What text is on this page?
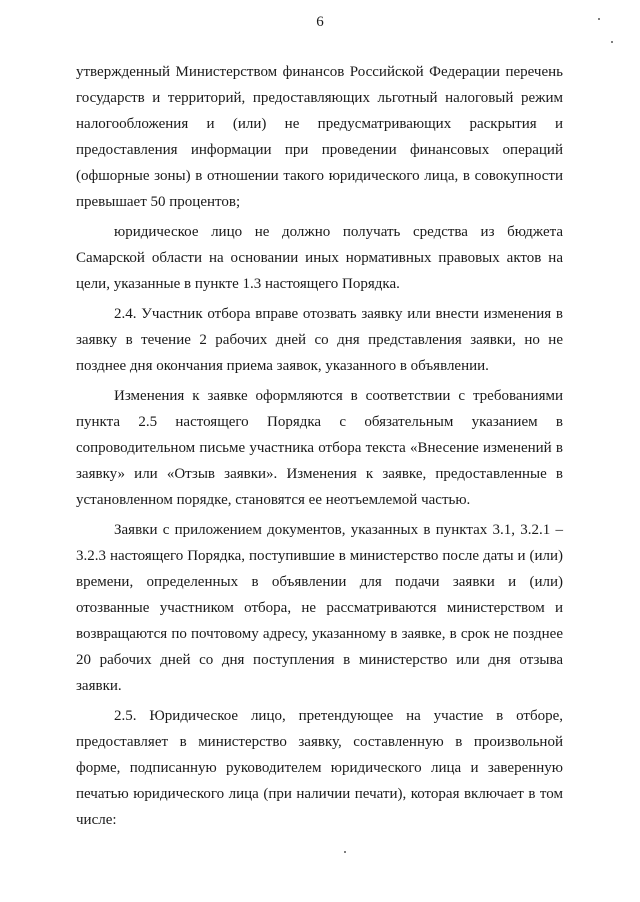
6

утвержденный Министерством финансов Российской Федерации перечень государств и территорий, предоставляющих льготный налоговый режим налогообложения и (или) не предусматривающих раскрытия и предоставления информации при проведении финансовых операций (офшорные зоны) в отношении такого юридического лица, в совокупности превышает 50 процентов;

юридическое лицо не должно получать средства из бюджета Самарской области на основании иных нормативных правовых актов на цели, указанные в пункте 1.3 настоящего Порядка.

2.4. Участник отбора вправе отозвать заявку или внести изменения в заявку в течение 2 рабочих дней со дня представления заявки, но не позднее дня окончания приема заявок, указанного в объявлении.

Изменения к заявке оформляются в соответствии с требованиями пункта 2.5 настоящего Порядка с обязательным указанием в сопроводительном письме участника отбора текста «Внесение изменений в заявку» или «Отзыв заявки». Изменения к заявке, предоставленные в установленном порядке, становятся ее неотъемлемой частью.

Заявки с приложением документов, указанных в пунктах 3.1, 3.2.1 – 3.2.3 настоящего Порядка, поступившие в министерство после даты и (или) времени, определенных в объявлении для подачи заявки и (или) отозванные участником отбора, не рассматриваются министерством и возвращаются по почтовому адресу, указанному в заявке, в срок не позднее 20 рабочих дней со дня поступления в министерство или дня отзыва заявки.

2.5. Юридическое лицо, претендующее на участие в отборе, предоставляет в министерство заявку, составленную в произвольной форме, подписанную руководителем юридического лица и заверенную печатью юридического лица (при наличии печати), которая включает в том числе:
